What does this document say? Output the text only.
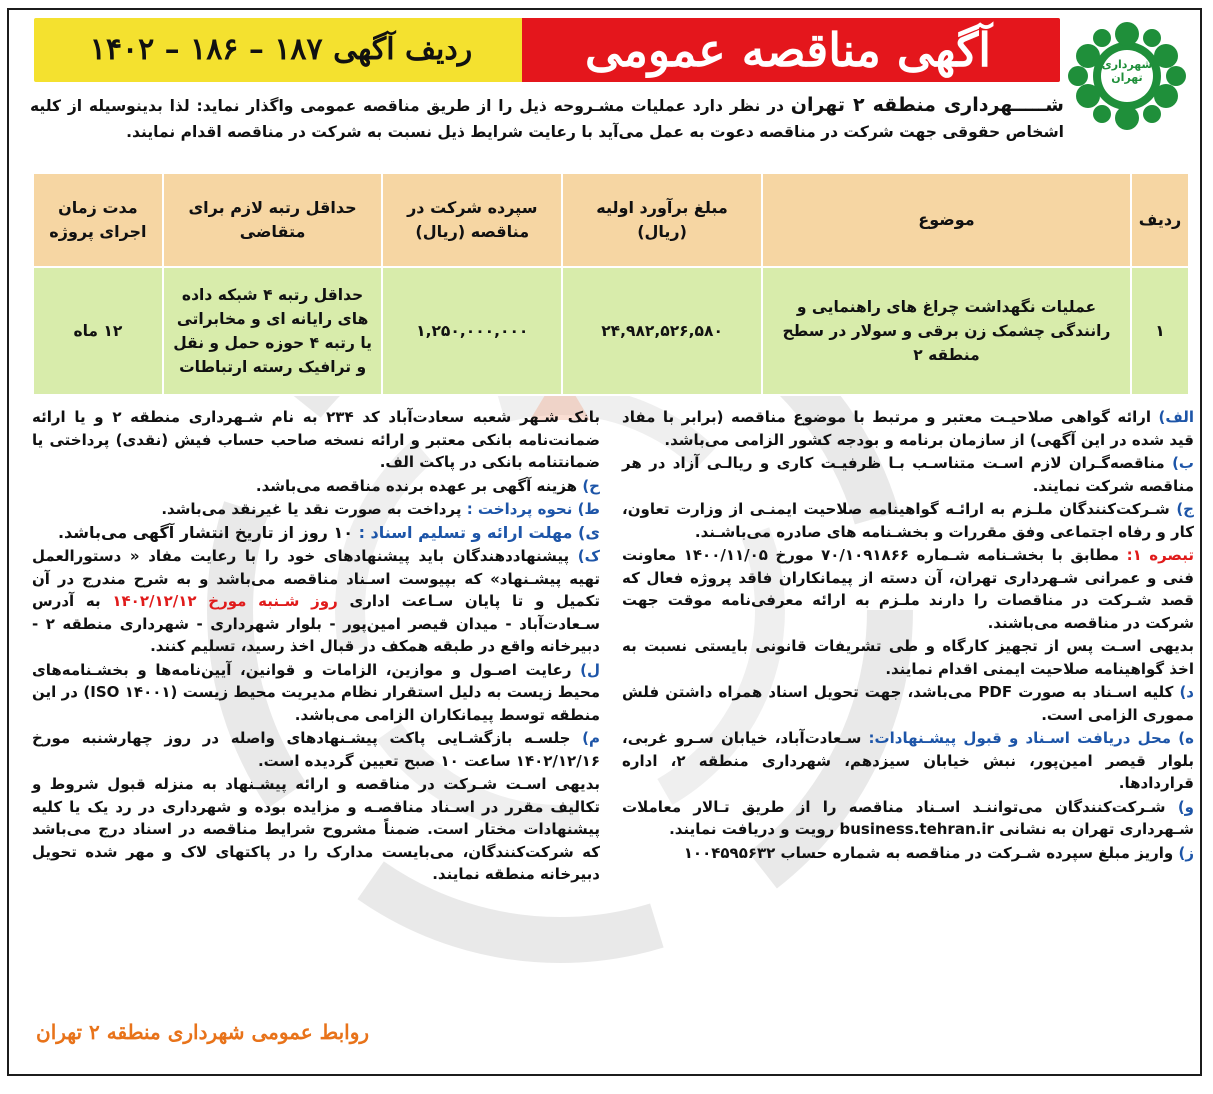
شهرداری تهران
آگهی مناقصه عمومی
ردیف آگهی ۱۸۷ – ۱۸۶ – ۱۴۰۲
شـــــهرداری منطقه ۲ تهران در نظر دارد عملیات مشـروحه ذیل را از طریق مناقصه عمومی واگذار نماید: لذا بدینوسیله از کلیه اشخاص حقوقی جهت شرکت در مناقصه دعوت به عمل می‌آید با رعایت شرایط ذیل نسبت به شرکت در مناقصه اقدام نمایند.
ردیف	موضوع	مبلغ برآورد اولیه (ریال)	سپرده شرکت در مناقصه (ریال)	حداقل رتبه لازم برای متقاضی	مدت زمان اجرای پروژه
۱	عملیات نگهداشت چراغ های راهنمایی و رانندگی چشمک زن برقی و سولار در سطح منطقه ۲	۲۴,۹۸۲,۵۲۶,۵۸۰	۱,۲۵۰,۰۰۰,۰۰۰	حداقل رتبه ۴ شبکه داده های رایانه ای و مخابراتی یا رتبه ۴ حوزه حمل و نقل و ترافیک رسته ارتباطات	۱۲ ماه

الف) ارائه گواهی صلاحیـت معتبر و مرتبط با موضوع مناقصه (برابر با مفاد قید شده در این آگهی) از سازمان برنامه و بودجه کشور الزامی می‌باشد.

ب) مناقصه‌گـران لازم اسـت متناسـب بـا ظرفیـت کاری و ریالـی آزاد در هر مناقصه شرکت نمایند.

ج) شـرکت‌کنندگان ملـزم به ارائـه گواهینامه صلاحیت ایمنـی از وزارت تعاون، کار و رفاه اجتماعی وفق مقررات و بخشـنامه های صادره می‌باشـند.

تبصره ۱: مطابق با بخشـنامه شـماره ۷۰/۱۰۹۱۸۶۶ مورخ ۱۴۰۰/۱۱/۰۵ معاونت فنی و عمرانی شـهرداری تهران، آن دسته از پیمانکاران فاقد پروژه فعال که قصد شـرکت در مناقصات را دارند ملـزم به ارائه معرفی‌نامه موقت جهت شرکت در مناقصه می‌باشند.

بدیهی اسـت پس از تجهیز کارگاه و طی تشریفات قانونی بایستی نسبت به اخذ گواهینامه صلاحیت ایمنی اقدام نمایند.

د) کلیه اسـناد به صورت PDF می‌باشد، جهت تحویل اسناد همراه داشتن فلش مموری الزامی است.

ه) محل دریافت اسـناد و قبول پیشـنهادات: سـعادت‌آباد، خیابان سـرو غربی، بلوار قیصر امین‌پور، نبش خیابان سیزدهم، شهرداری منطقه ۲، اداره قراردادها.

و) شـرکت‌کنندگان می‌تواننـد اسـناد مناقصه را از طریق تـالار معاملات شـهرداری تهران به نشانی business.tehran.ir رویت و دریافت نمایند.

ز) واریز مبلغ سپرده شـرکت در مناقصه به شماره حساب ۱۰۰۴۵۹۵۶۳۲

بانک شـهر شعبه سعادت‌آباد کد ۲۳۴ به نام شـهرداری منطقه ۲ و یا ارائه ضمانت‌نامه بانکی معتبر و ارائه نسخه صاحب حساب فیش (نقدی) پرداختی یا ضمانتنامه بانکی در پاکت الف.

ح) هزینه آگهی بر عهده برنده مناقصه می‌باشد.

ط) نحوه پرداخت : پرداخت به صورت نقد یا غیرنقد می‌باشد.

ی) مهلت ارائه و تسلیم اسناد : ۱۰ روز از تاریخ انتشار آگهی می‌باشد.

ک) پیشنهاددهندگان باید پیشنهادهای خود را با رعایت مفاد « دستورالعمل تهیه پیشـنهاد» که بپیوست اسـناد مناقصه می‌باشد و به شرح مندرج در آن تکمیل و تا پایان سـاعت اداری روز شـنبه مورخ ۱۴۰۲/۱۲/۱۲ به آدرس سـعادت‌آباد - میدان قیصر امین‌پور - بلوار شهرداری - شهرداری منطقه ۲ - دبیرخانه واقع در طبقه همکف در قبال اخذ رسید، تسلیم کنند.

ل) رعایت اصـول و موازین، الزامات و قوانین، آیین‌نامه‌ها و بخشـنامه‌های محیط زیست به دلیل استقرار نظام مدیریت محیط زیست (ISO ۱۴۰۰۱) در این منطقه توسط پیمانکاران الزامی می‌باشد.

م) جلسـه بازگشـایی پاکت پیشـنهادهای واصله در روز چهارشنبه مورخ ۱۴۰۲/۱۲/۱۶ ساعت ۱۰ صبح تعیین گردیده است.

بدیهی اسـت شـرکت در مناقصه و ارائه پیشـنهاد به منزله قبول شروط و تکالیف مقرر در اسـناد مناقصـه و مزایده بوده و شهرداری در رد یک یا کلیه پیشنهادات مختار است. ضمناً مشروح شرایط مناقصه در اسناد درج می‌باشد که شرکت‌کنندگان، می‌بایست مدارک را در پاکتهای لاک و مهر شده تحویل دبیرخانه منطقه نمایند.

روابط عمومی شهرداری منطقه ۲ تهران
